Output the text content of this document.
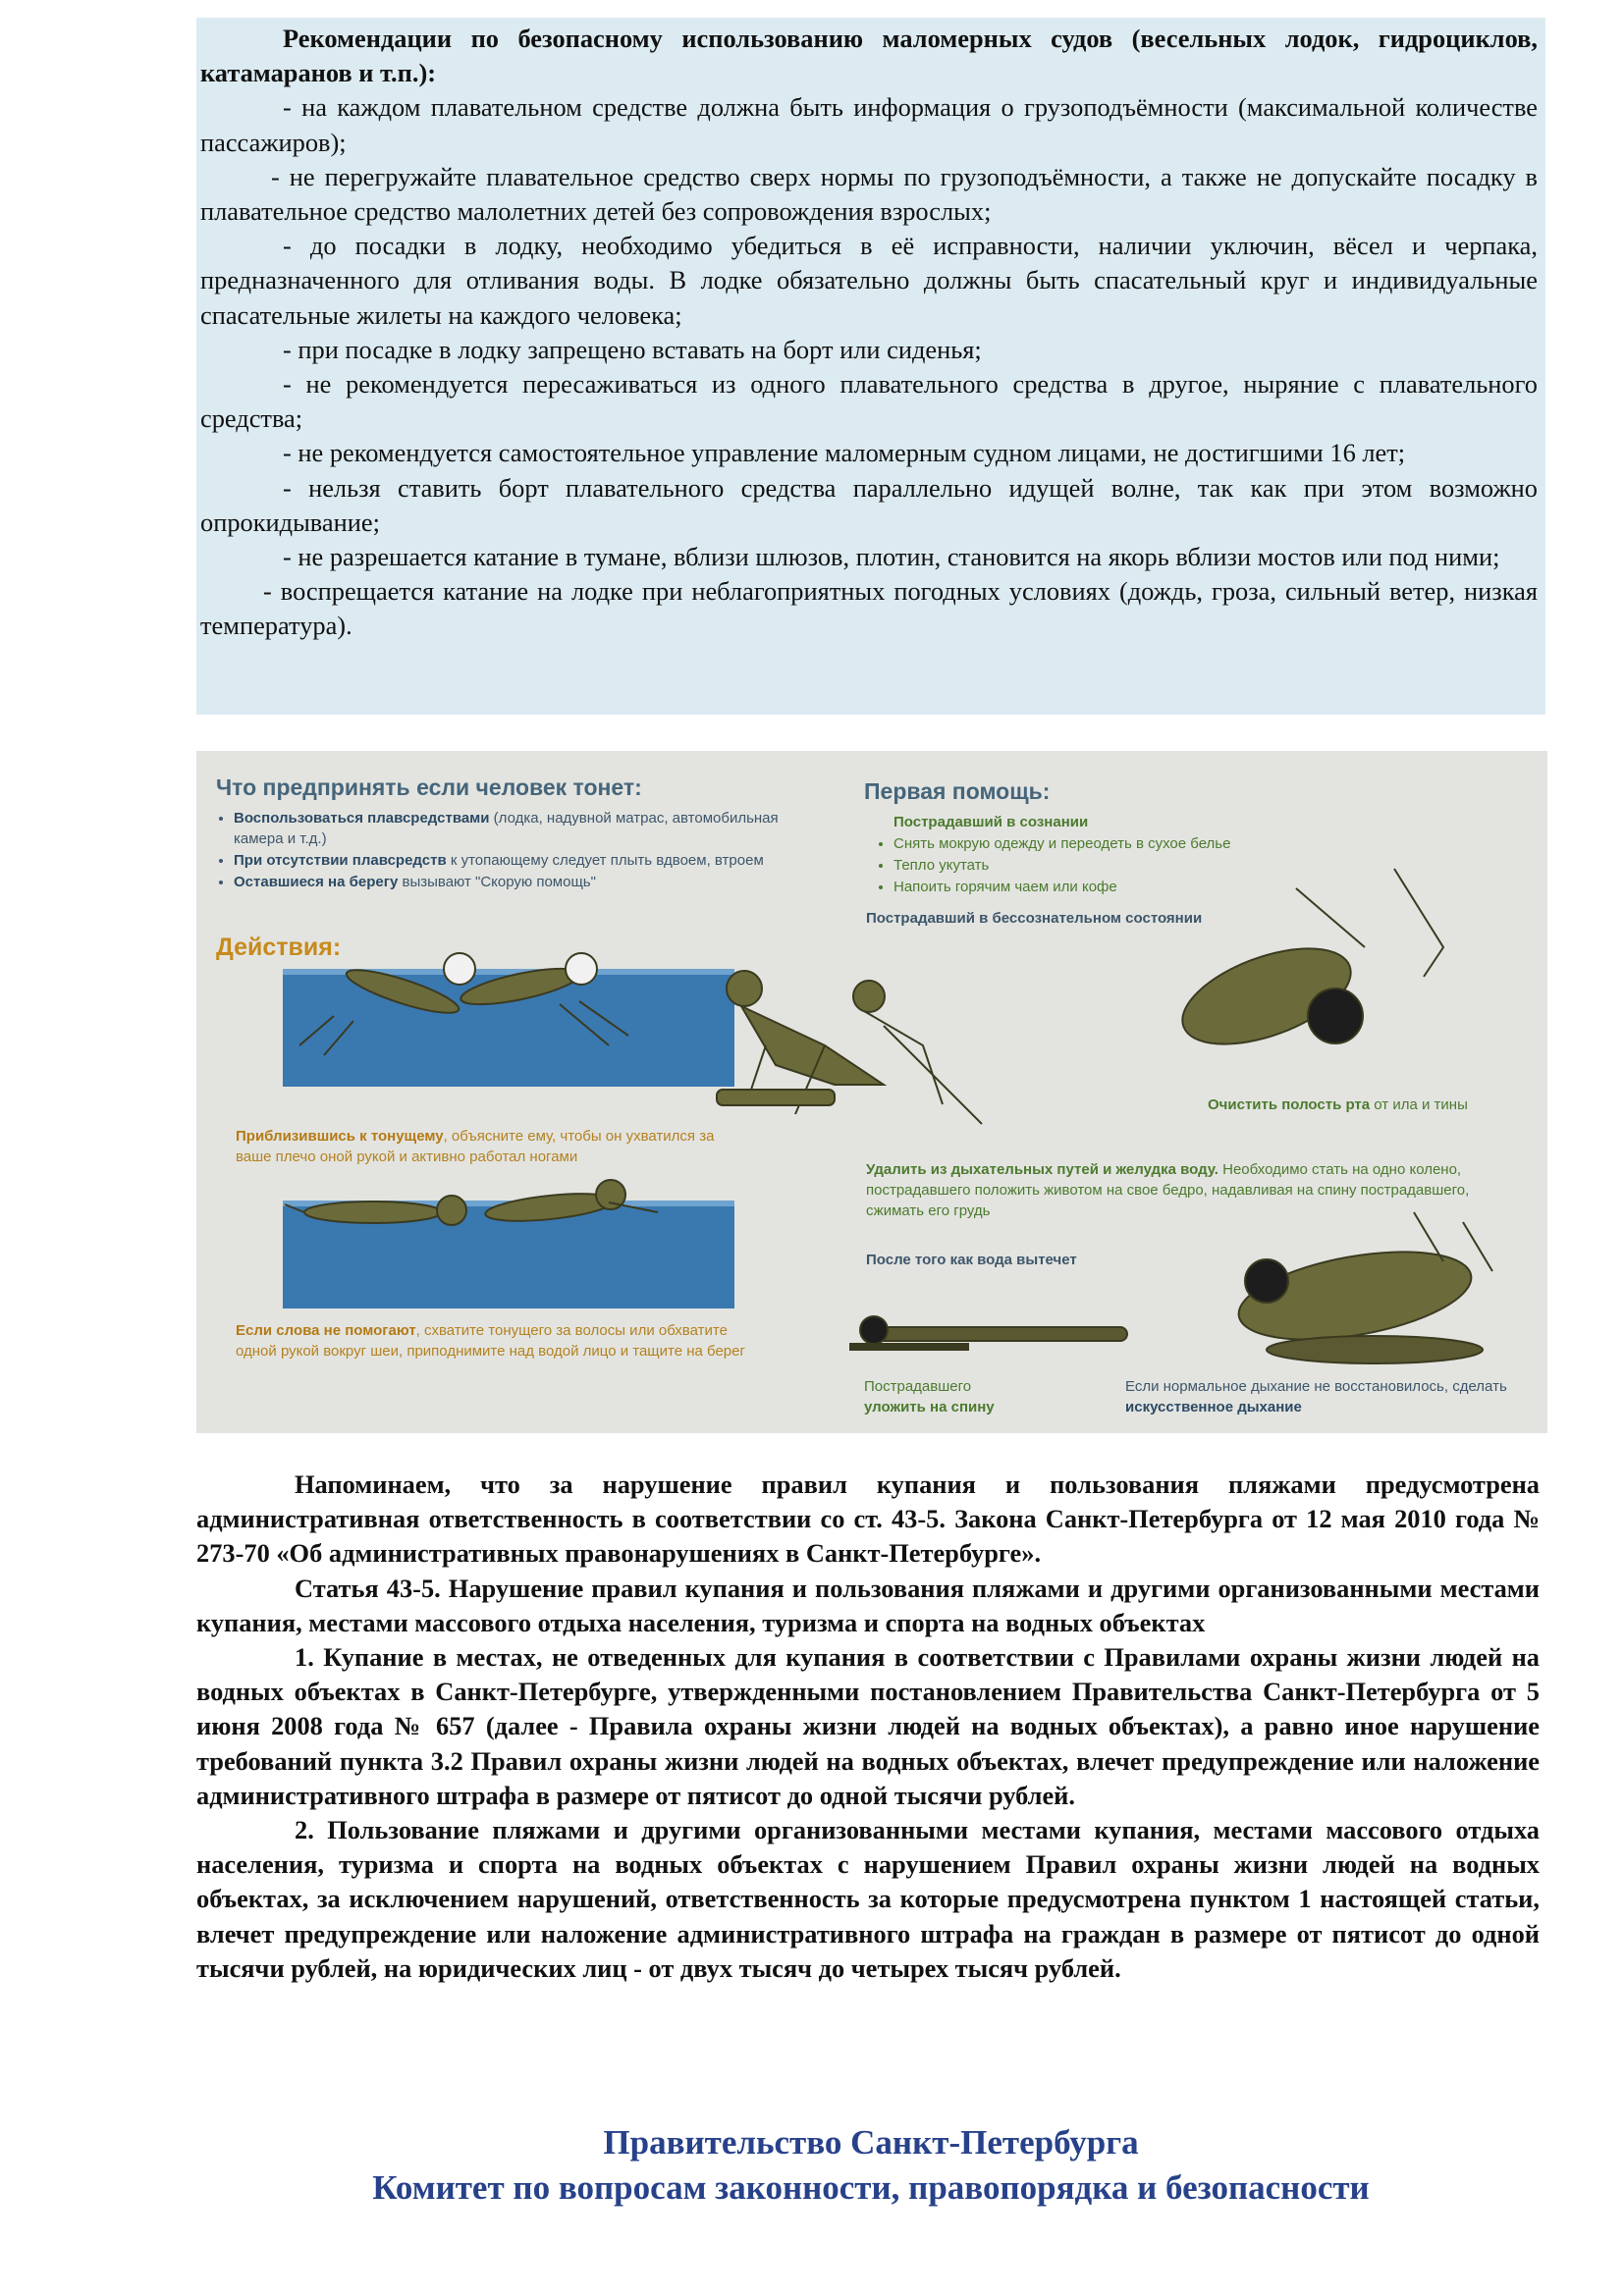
Рекомендации по безопасному использованию маломерных судов (весельных лодок, гидроциклов, катамаранов и т.п.):

- на каждом плавательном средстве должна быть информация о грузоподъёмности (максимальной количестве пассажиров);

- не перегружайте плавательное средство сверх нормы по грузоподъёмности, а также не допускайте посадку в плавательное средство малолетних детей без сопровождения взрослых;

- до посадки в лодку, необходимо убедиться в её исправности, наличии уключин, вёсел и черпака, предназначенного для отливания воды. В лодке обязательно должны быть спасательный круг и индивидуальные спасательные жилеты на каждого человека;

- при посадке в лодку запрещено вставать на борт или сиденья;

- не рекомендуется пересаживаться из одного плавательного средства в другое, ныряние с плавательного средства;

- не рекомендуется самостоятельное управление маломерным судном лицами, не достигшими 16 лет;

- нельзя ставить борт плавательного средства параллельно идущей волне, так как при этом возможно опрокидывание;

- не разрешается катание в тумане, вблизи шлюзов, плотин, становится на якорь вблизи мостов или под ними;

- воспрещается катание на лодке при неблагоприятных погодных условиях (дождь, гроза, сильный ветер, низкая температура).

Что предпринять если человек тонет:

• Воспользоваться плавсредствами (лодка, надувной матрас, автомобильная камера и т.д.)
• При отсутствии плавсредств к утопающему следует плыть вдвоем, втроем
• Оставшиеся на берегу вызывают "Скорую помощь"

Действия:

Приблизившись к тонущему, объясните ему, чтобы он ухватился за ваше плечо оной рукой и активно работал ногами

Если слова не помогают, схватите тонущего за волосы или обхватите одной рукой вокруг шеи, приподнимите над водой лицо и тащите на берег

Первая помощь:

Пострадавший в сознании

• Снять мокрую одежду и переодеть в сухое белье
• Тепло укутать
• Напоить горячим чаем или кофе

Пострадавший в бессознательном состоянии

Очистить полость рта от ила и тины

Удалить из дыхательных путей и желудка воду. Необходимо стать на одно колено, пострадавшего положить животом на свое бедро, надавливая на спину пострадавшего, сжимать его грудь

После того как вода вытечет

Пострадавшего
уложить на спину

Если нормальное дыхание не восстановилось, сделать искусственное дыхание

Напоминаем, что за нарушение правил купания и пользования пляжами предусмотрена административная ответственность в соответствии со ст. 43-5. Закона Санкт-Петербурга от 12 мая 2010 года № 273-70 «Об административных правонарушениях в Санкт-Петербурге».

Статья 43-5. Нарушение правил купания и пользования пляжами и другими организованными местами купания, местами массового отдыха населения, туризма и спорта на водных объектах

1. Купание в местах, не отведенных для купания в соответствии с Правилами охраны жизни людей на водных объектах в Санкт-Петербурге, утвержденными постановлением Правительства Санкт-Петербурга от 5 июня 2008 года № 657 (далее - Правила охраны жизни людей на водных объектах), а равно иное нарушение требований пункта 3.2 Правил охраны жизни людей на водных объектах, влечет предупреждение или наложение административного штрафа в размере от пятисот до одной тысячи рублей.

2. Пользование пляжами и другими организованными местами купания, местами массового отдыха населения, туризма и спорта на водных объектах с нарушением Правил охраны жизни людей на водных объектах, за исключением нарушений, ответственность за которые предусмотрена пунктом 1 настоящей статьи, влечет предупреждение или наложение административного штрафа на граждан в размере от пятисот до одной тысячи рублей, на юридических лиц - от двух тысяч до четырех тысяч рублей.

Правительство Санкт-Петербурга

Комитет по вопросам законности, правопорядка и безопасности
